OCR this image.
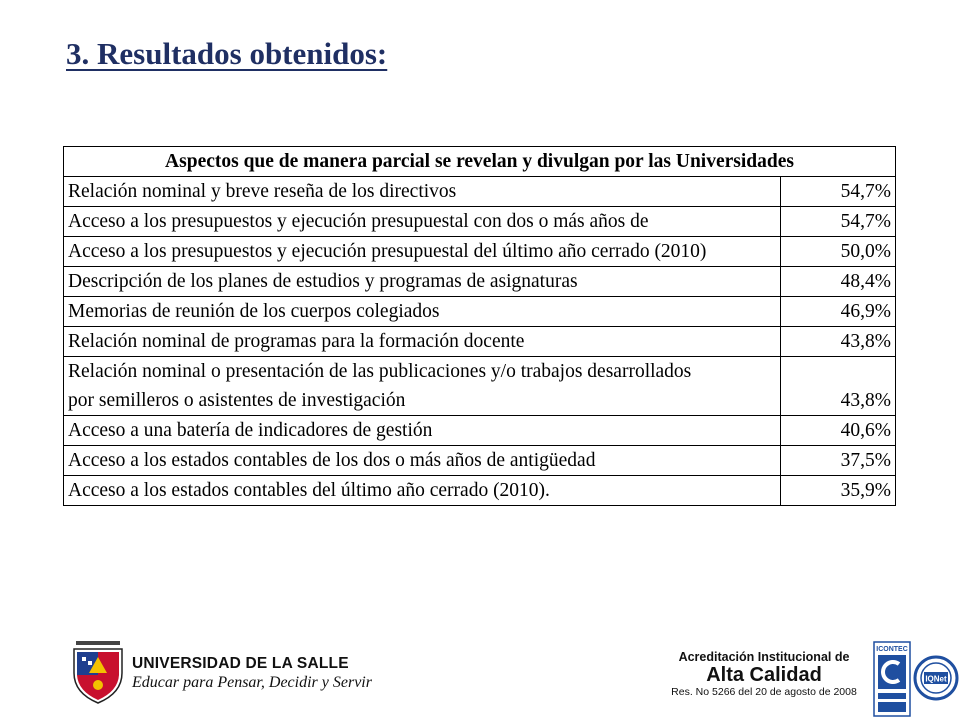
3. Resultados obtenidos:
Aspectos que de manera parcial se revelan y divulgan por las Universidades	
Relación nominal y breve reseña de los directivos	54,7%
Acceso a los presupuestos y ejecución presupuestal con dos o más años de	54,7%
Acceso a los presupuestos y ejecución presupuestal del último año cerrado (2010)	50,0%
Descripción de los planes de estudios y programas de asignaturas	48,4%
Memorias de reunión de los cuerpos colegiados	46,9%
Relación nominal de programas para la formación docente	43,8%
Relación nominal o presentación de las publicaciones y/o trabajos desarrollados
por semilleros o asistentes de investigación	43,8%
Acceso a una batería de indicadores de gestión	40,6%
Acceso a los estados contables de los dos o más años de antigüedad	37,5%
Acceso a los estados contables del último año cerrado (2010).	35,9%
UNIVERSIDAD DE LA SALLE
Educar para Pensar, Decidir y Servir
Acreditación Institucional de
Alta Calidad
Res. No 5266 del 20 de agosto de 2008
ICONTEC
IQNet
